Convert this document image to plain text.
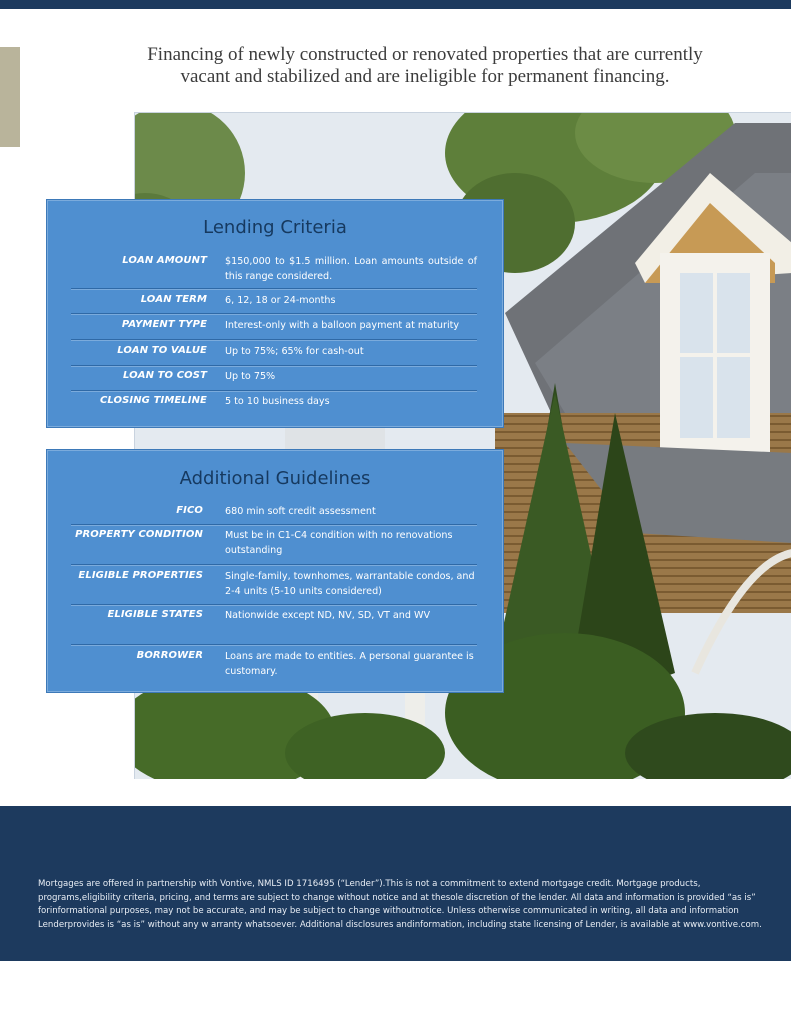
Financing of newly constructed or renovated properties that are currently
vacant and stabilized and are ineligible for permanent financing.
Lending Criteria
LOAN AMOUNT $150,000 to $1.5 million. Loan amounts outside of this range considered.
LOAN TERM 6, 12, 18 or 24-months
PAYMENT TYPE Interest-only with a balloon payment at maturity
LOAN TO VALUE Up to 75%; 65% for cash-out
LOAN TO COST Up to 75%
CLOSING TIMELINE 5 to 10 business days
Additional Guidelines
FICO 680 min soft credit assessment
PROPERTY CONDITION Must be in C1-C4 condition with no renovations outstanding
ELIGIBLE PROPERTIES Single-family, townhomes, warrantable condos, and 2-4 units (5-10 units considered)
ELIGIBLE STATES Nationwide except ND, NV, SD, VT and WV
BORROWER Loans are made to entities. A personal guarantee is customary.
Mortgages are offered in partnership with Vontive, NMLS ID 1716495 (“Lender”).This is not a commitment to extend mortgage credit. Mortgage products, programs,eligibility criteria, pricing, and terms are subject to change without notice and at thesole discretion of the lender. All data and information is provided “as is” forinformational purposes, may not be accurate, and may be subject to change withoutnotice. Unless otherwise communicated in writing, all data and information Lenderprovides is “as is” without any w arranty whatsoever. Additional disclosures andinformation, including state licensing of Lender, is available at www.vontive.com.
